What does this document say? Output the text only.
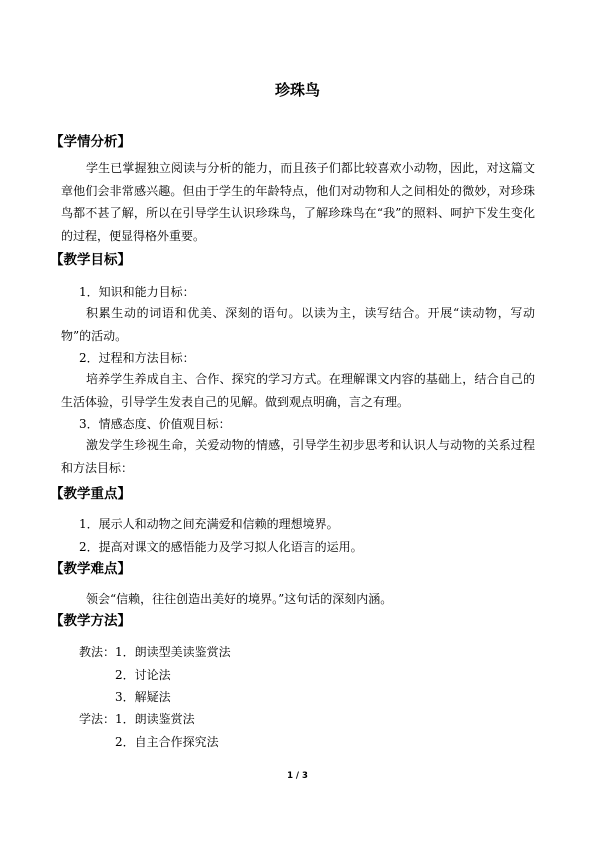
珍珠鸟
【学情分析】
学生已掌握独立阅读与分析的能力，而且孩子们都比较喜欢小动物，因此，对这篇文章他们会非常感兴趣。但由于学生的年龄特点，他们对动物和人之间相处的微妙，对珍珠鸟都不甚了解，所以在引导学生认识珍珠鸟，了解珍珠鸟在“我”的照料、呵护下发生变化的过程，便显得格外重要。
【教学目标】
1．知识和能力目标：
积累生动的词语和优美、深刻的语句。以读为主，读写结合。开展“读动物，写动物”的活动。
2．过程和方法目标：
培养学生养成自主、合作、探究的学习方式。在理解课文内容的基础上，结合自己的生活体验，引导学生发表自己的见解。做到观点明确，言之有理。
3．情感态度、价值观目标：
激发学生珍视生命，关爱动物的情感，引导学生初步思考和认识人与动物的关系过程和方法目标：
【教学重点】
1．展示人和动物之间充满爱和信赖的理想境界。
2．提高对课文的感悟能力及学习拟人化语言的运用。
【教学难点】
领会“信赖，往往创造出美好的境界。”这句话的深刻内涵。
【教学方法】
教法：1．朗读型美读鉴赏法
2．讨论法
3．解疑法
学法：1．朗读鉴赏法
2．自主合作探究法
1 / 3
